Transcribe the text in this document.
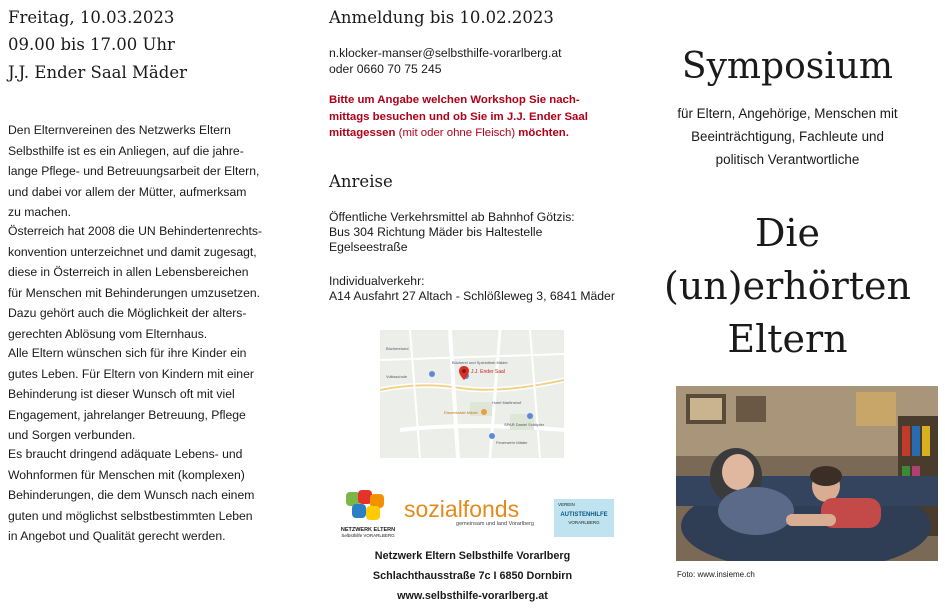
Freitag, 10.03.2023
09.00 bis 17.00 Uhr
J.J. Ender Saal Mäder
Den Elternvereinen des Netzwerks Eltern
Selbsthilfe ist es ein Anliegen, auf die jahre-
lange Pflege- und Betreuungsarbeit der Eltern,
und dabei vor allem der Mütter, aufmerksam
zu machen.
Österreich hat 2008 die UN Behindertenrechts-
konvention unterzeichnet und damit zugesagt,
diese in Österreich in allen Lebensbereichen
für Menschen mit Behinderungen umzusetzen.
Dazu gehört auch die Möglichkeit der alters-
gerechten Ablösung vom Elternhaus.
Alle Eltern wünschen sich für ihre Kinder ein
gutes Leben. Für Eltern von Kindern mit einer
Behinderung ist dieser Wunsch oft mit viel
Engagement, jahrelanger Betreuung, Pflege
und Sorgen verbunden.
Es braucht dringend adäquate Lebens- und
Wohnformen für Menschen mit (komplexen)
Behinderungen, die dem Wunsch nach einem
guten und möglichst selbstbestimmten Leben
in Angebot und Qualität gerecht werden.
Anmeldung bis 10.02.2023
n.klocker-manser@selbsthilfe-vorarlberg.at
oder 0660 70 75 245
Bitte um Angabe welchen Workshop Sie nach-
mittags besuchen und ob Sie im J.J. Ender Saal
mittagessen (mit oder ohne Fleisch) möchten.
Anreise
Öffentliche Verkehrsmittel ab Bahnhof Götzis:
Bus 304 Richtung Mäder bis Haltestelle
Egelseestraße
Individualverkehr:
A14 Ausfahrt 27 Altach - Schlößleweg 3, 6841 Mäder
J.J. Ender Saal
Bücherei und Spielothek Mäder
Büchereiund
Volksschule
Eiswerkstatt Mäder
Hotel Martinshof
SPAR Daniel Schöpfer
Feuerwehr Mäder
NETZWERK ELTERN
Selbsthilfe VORARLBERG
sozialfonds
gemeinsam und land Vorarlberg
VEREIN
AUTISTENHILFE
VORARLBERG
Netzwerk Eltern Selbsthilfe Vorarlberg
Schlachthausstraße 7c I 6850 Dornbirn
www.selbsthilfe-vorarlberg.at
Symposium
für Eltern, Angehörige, Menschen mit
Beeinträchtigung, Fachleute und
politisch Verantwortliche
Die
(un)erhörten
Eltern
Foto: www.insieme.ch
